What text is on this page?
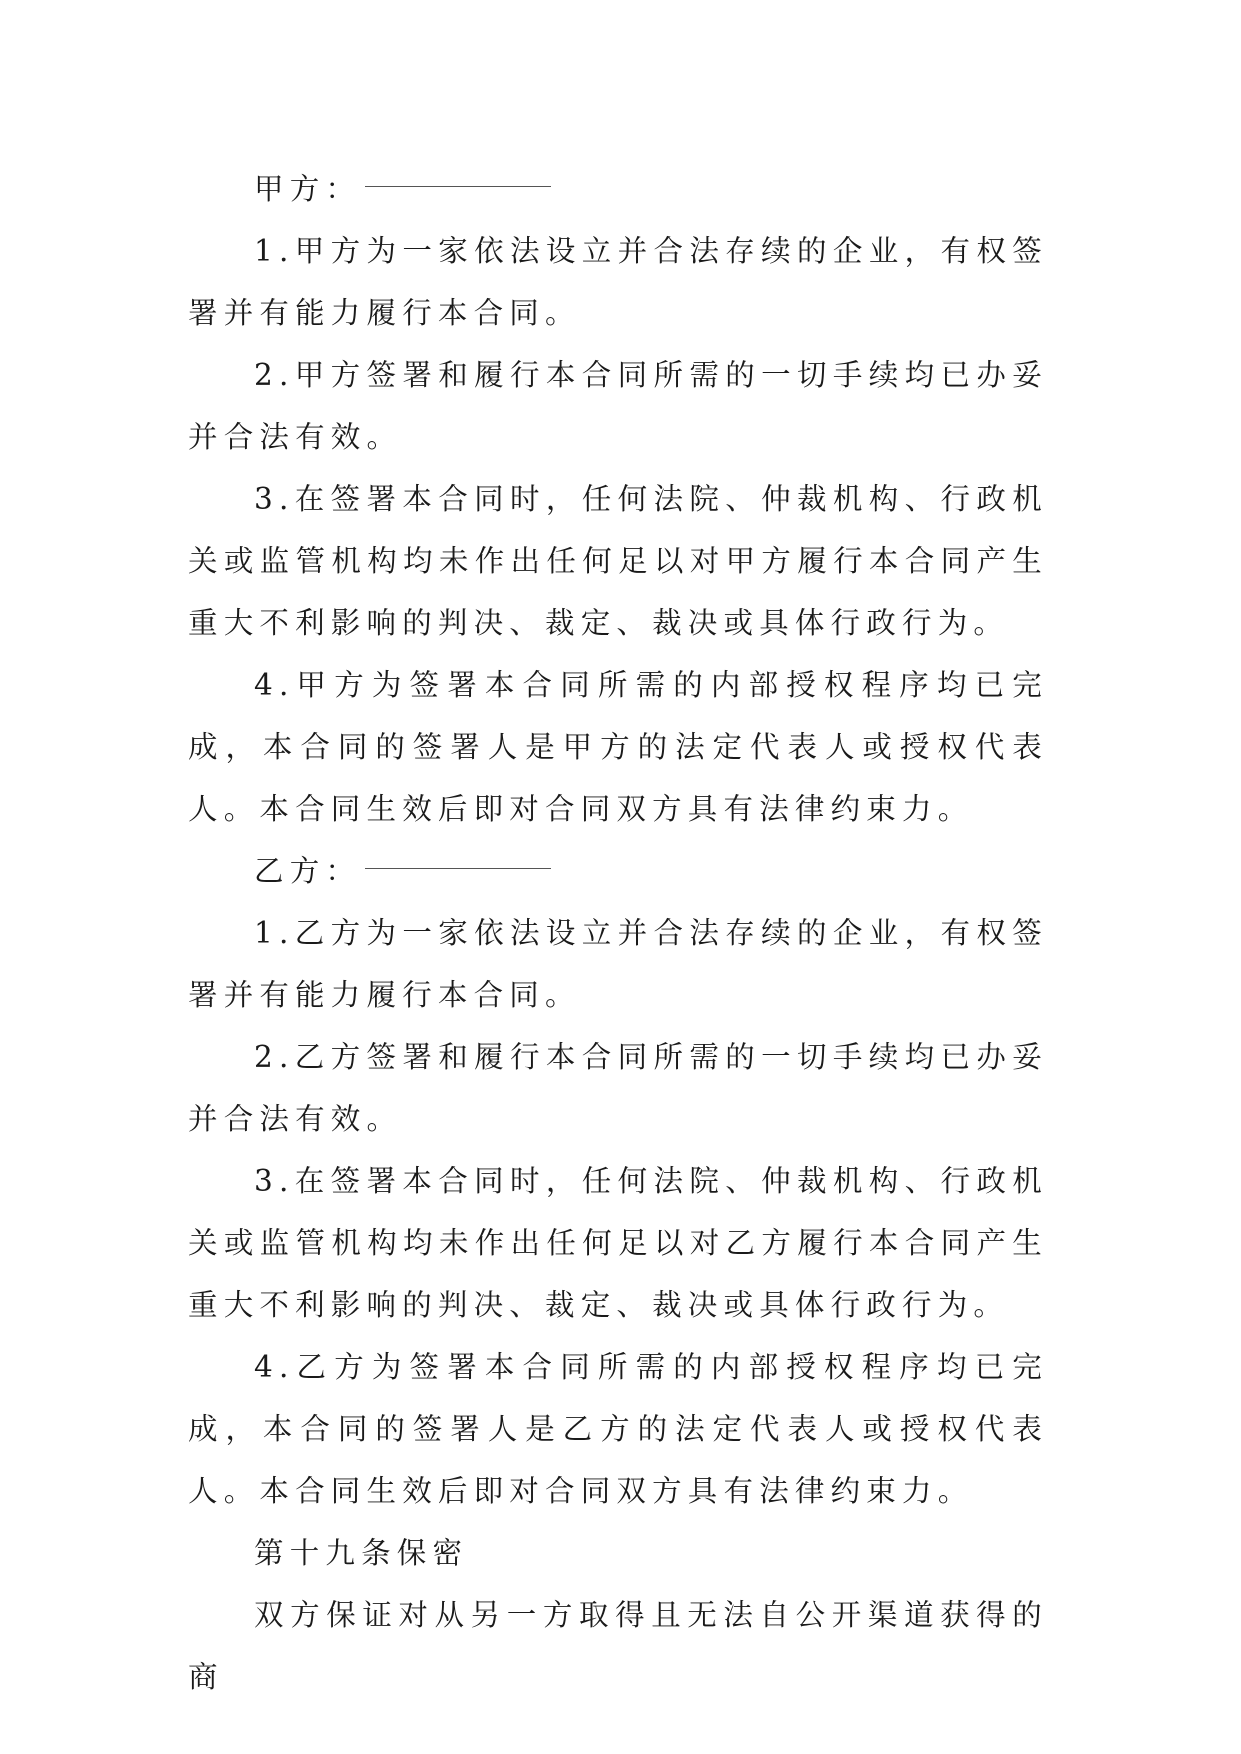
甲方：

1.甲方为一家依法设立并合法存续的企业，有权签署并有能力履行本合同。

2.甲方签署和履行本合同所需的一切手续均已办妥并合法有效。

3.在签署本合同时，任何法院、仲裁机构、行政机关或监管机构均未作出任何足以对甲方履行本合同产生重大不利影响的判决、裁定、裁决或具体行政行为。

4.甲方为签署本合同所需的内部授权程序均已完成，本合同的签署人是甲方的法定代表人或授权代表人。本合同生效后即对合同双方具有法律约束力。

乙方：

1.乙方为一家依法设立并合法存续的企业，有权签署并有能力履行本合同。

2.乙方签署和履行本合同所需的一切手续均已办妥并合法有效。

3.在签署本合同时，任何法院、仲裁机构、行政机关或监管机构均未作出任何足以对乙方履行本合同产生重大不利影响的判决、裁定、裁决或具体行政行为。

4.乙方为签署本合同所需的内部授权程序均已完成，本合同的签署人是乙方的法定代表人或授权代表人。本合同生效后即对合同双方具有法律约束力。

第十九条保密

双方保证对从另一方取得且无法自公开渠道获得的商
